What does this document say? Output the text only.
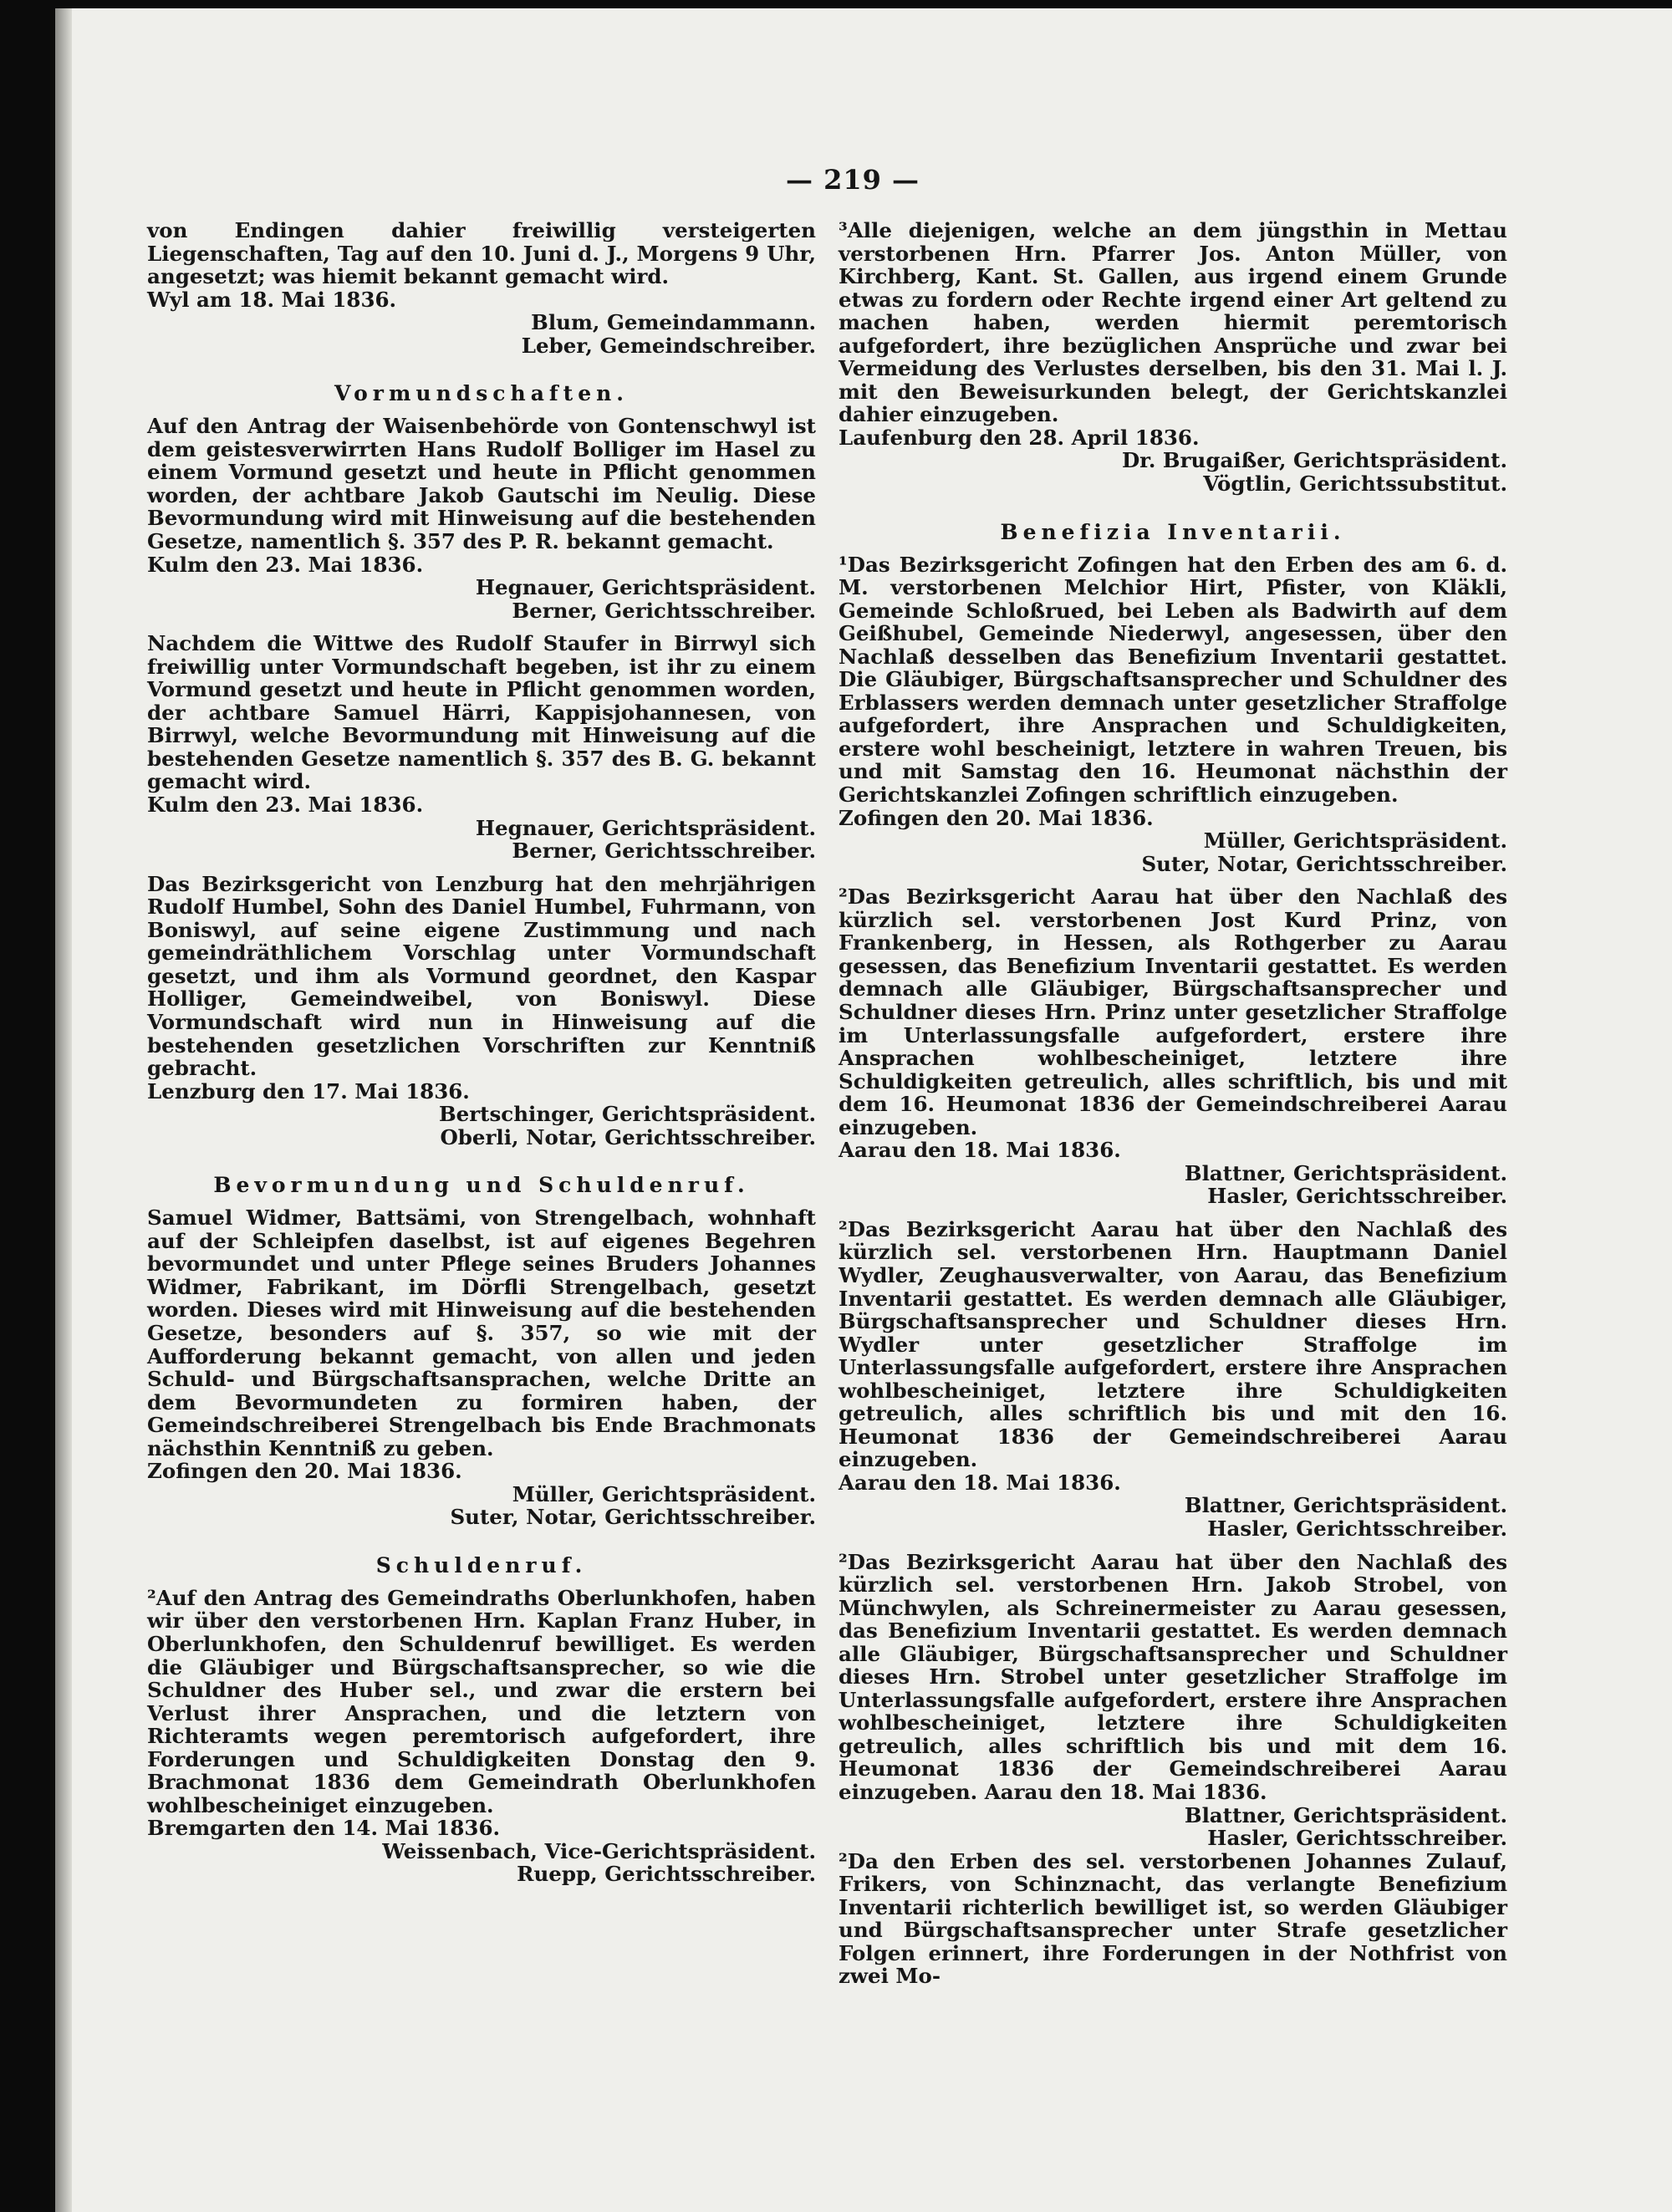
— 219 —

von Endingen dahier freiwillig versteigerten Liegenschaften, Tag auf den 10. Juni d. J., Morgens 9 Uhr, angesetzt; was hiemit bekannt gemacht wird.

Wyl am 18. Mai 1836.

Blum, Gemeindammann.

Leber, Gemeindschreiber.

Vormundschaften.

Auf den Antrag der Waisenbehörde von Gontenschwyl ist dem geistesverwirrten Hans Rudolf Bolliger im Hasel zu einem Vormund gesetzt und heute in Pflicht genommen worden, der achtbare Jakob Gautschi im Neulig. Diese Bevormundung wird mit Hinweisung auf die bestehenden Gesetze, namentlich §. 357 des P. R. bekannt gemacht.

Kulm den 23. Mai 1836.

Hegnauer, Gerichtspräsident.

Berner, Gerichtsschreiber.

Nachdem die Wittwe des Rudolf Staufer in Birrwyl sich freiwillig unter Vormundschaft begeben, ist ihr zu einem Vormund gesetzt und heute in Pflicht genommen worden, der achtbare Samuel Härri, Kappisjohannesen, von Birrwyl, welche Bevormundung mit Hinweisung auf die bestehenden Gesetze namentlich §. 357 des B. G. bekannt gemacht wird.

Kulm den 23. Mai 1836.

Hegnauer, Gerichtspräsident.

Berner, Gerichtsschreiber.

Das Bezirksgericht von Lenzburg hat den mehrjährigen Rudolf Humbel, Sohn des Daniel Humbel, Fuhrmann, von Boniswyl, auf seine eigene Zustimmung und nach gemeindräthlichem Vorschlag unter Vormundschaft gesetzt, und ihm als Vormund geordnet, den Kaspar Holliger, Gemeindweibel, von Boniswyl. Diese Vormundschaft wird nun in Hinweisung auf die bestehenden gesetzlichen Vorschriften zur Kenntniß gebracht.

Lenzburg den 17. Mai 1836.

Bertschinger, Gerichtspräsident.

Oberli, Notar, Gerichtsschreiber.

Bevormundung und Schuldenruf.

Samuel Widmer, Battsämi, von Strengelbach, wohnhaft auf der Schleipfen daselbst, ist auf eigenes Begehren bevormundet und unter Pflege seines Bruders Johannes Widmer, Fabrikant, im Dörfli Strengelbach, gesetzt worden. Dieses wird mit Hinweisung auf die bestehenden Gesetze, besonders auf §. 357, so wie mit der Aufforderung bekannt gemacht, von allen und jeden Schuld- und Bürgschaftsansprachen, welche Dritte an dem Bevormundeten zu formiren haben, der Gemeindschreiberei Strengelbach bis Ende Brachmonats nächsthin Kenntniß zu geben.

Zofingen den 20. Mai 1836.

Müller, Gerichtspräsident.

Suter, Notar, Gerichtsschreiber.

Schuldenruf.

²Auf den Antrag des Gemeindraths Oberlunkhofen, haben wir über den verstorbenen Hrn. Kaplan Franz Huber, in Oberlunkhofen, den Schuldenruf bewilliget. Es werden die Gläubiger und Bürgschaftsansprecher, so wie die Schuldner des Huber sel., und zwar die erstern bei Verlust ihrer Ansprachen, und die letztern von Richteramts wegen peremtorisch aufgefordert, ihre Forderungen und Schuldigkeiten Donstag den 9. Brachmonat 1836 dem Gemeindrath Oberlunkhofen wohlbescheiniget einzugeben.

Bremgarten den 14. Mai 1836.

Weissenbach, Vice-Gerichtspräsident.

Ruepp, Gerichtsschreiber.

³Alle diejenigen, welche an dem jüngsthin in Mettau verstorbenen Hrn. Pfarrer Jos. Anton Müller, von Kirchberg, Kant. St. Gallen, aus irgend einem Grunde etwas zu fordern oder Rechte irgend einer Art geltend zu machen haben, werden hiermit peremtorisch aufgefordert, ihre bezüglichen Ansprüche und zwar bei Vermeidung des Verlustes derselben, bis den 31. Mai l. J. mit den Beweisurkunden belegt, der Gerichtskanzlei dahier einzugeben.

Laufenburg den 28. April 1836.

Dr. Brugaißer, Gerichtspräsident.

Vögtlin, Gerichtssubstitut.

Benefizia Inventarii.

¹Das Bezirksgericht Zofingen hat den Erben des am 6. d. M. verstorbenen Melchior Hirt, Pfister, von Kläkli, Gemeinde Schloßrued, bei Leben als Badwirth auf dem Geißhubel, Gemeinde Niederwyl, angesessen, über den Nachlaß desselben das Benefizium Inventarii gestattet. Die Gläubiger, Bürgschaftsansprecher und Schuldner des Erblassers werden demnach unter gesetzlicher Straffolge aufgefordert, ihre Ansprachen und Schuldigkeiten, erstere wohl bescheinigt, letztere in wahren Treuen, bis und mit Samstag den 16. Heumonat nächsthin der Gerichtskanzlei Zofingen schriftlich einzugeben.

Zofingen den 20. Mai 1836.

Müller, Gerichtspräsident.

Suter, Notar, Gerichtsschreiber.

²Das Bezirksgericht Aarau hat über den Nachlaß des kürzlich sel. verstorbenen Jost Kurd Prinz, von Frankenberg, in Hessen, als Rothgerber zu Aarau gesessen, das Benefizium Inventarii gestattet. Es werden demnach alle Gläubiger, Bürgschaftsansprecher und Schuldner dieses Hrn. Prinz unter gesetzlicher Straffolge im Unterlassungsfalle aufgefordert, erstere ihre Ansprachen wohlbescheiniget, letztere ihre Schuldigkeiten getreulich, alles schriftlich, bis und mit dem 16. Heumonat 1836 der Gemeindschreiberei Aarau einzugeben.

Aarau den 18. Mai 1836.

Blattner, Gerichtspräsident.

Hasler, Gerichtsschreiber.

²Das Bezirksgericht Aarau hat über den Nachlaß des kürzlich sel. verstorbenen Hrn. Hauptmann Daniel Wydler, Zeughausverwalter, von Aarau, das Benefizium Inventarii gestattet. Es werden demnach alle Gläubiger, Bürgschaftsansprecher und Schuldner dieses Hrn. Wydler unter gesetzlicher Straffolge im Unterlassungsfalle aufgefordert, erstere ihre Ansprachen wohlbescheiniget, letztere ihre Schuldigkeiten getreulich, alles schriftlich bis und mit den 16. Heumonat 1836 der Gemeindschreiberei Aarau einzugeben.

Aarau den 18. Mai 1836.

Blattner, Gerichtspräsident.

Hasler, Gerichtsschreiber.

²Das Bezirksgericht Aarau hat über den Nachlaß des kürzlich sel. verstorbenen Hrn. Jakob Strobel, von Münchwylen, als Schreinermeister zu Aarau gesessen, das Benefizium Inventarii gestattet. Es werden demnach alle Gläubiger, Bürgschaftsansprecher und Schuldner dieses Hrn. Strobel unter gesetzlicher Straffolge im Unterlassungsfalle aufgefordert, erstere ihre Ansprachen wohlbescheiniget, letztere ihre Schuldigkeiten getreulich, alles schriftlich bis und mit dem 16. Heumonat 1836 der Gemeindschreiberei Aarau einzugeben. Aarau den 18. Mai 1836.

Blattner, Gerichtspräsident.

Hasler, Gerichtsschreiber.

²Da den Erben des sel. verstorbenen Johannes Zulauf, Frikers, von Schinznacht, das verlangte Benefizium Inventarii richterlich bewilliget ist, so werden Gläubiger und Bürgschaftsansprecher unter Strafe gesetzlicher Folgen erinnert, ihre Forderungen in der Nothfrist von zwei Mo-
